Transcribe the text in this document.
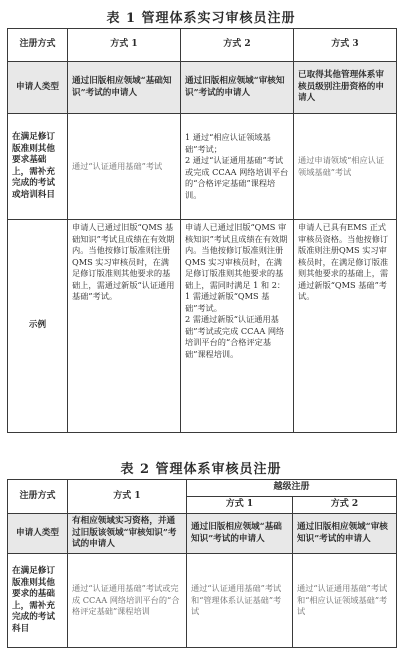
表 1 管理体系实习审核员注册
注册方式	方式 1	方式 2	方式 3
申请人类型	通过旧版相应领域“基础知识”考试的申请人	通过旧版相应领域“审核知识”考试的申请人	已取得其他管理体系审核员级别注册资格的申请人
在满足修订版准则其他要求基础上，需补充完成的考试或培训科目	通过“认证通用基础”考试	1 通过“相应认证领域基础”考试；
2 通过“认证通用基础”考试或完成 CCAA 网络培训平台的“合格评定基础”课程培训。	通过申请领域“相应认证领域基础”考试
示例	申请人已通过旧版“QMS 基础知识”考试且成绩在有效期内。当他按修订版准则注册 QMS 实习审核员时，在满足修订版准则其他要求的基础上，需通过新版“认证通用基础”考试。	申请人已通过旧版“QMS 审核知识”考试且成绩在有效期内。当他按修订版准则注册QMS 实习审核员时，在满足修订版准则其他要求的基础上，需同时满足 1 和 2：
1 需通过新版“QMS 基础”考试。
2 需通过新版“认证通用基础”考试或完成 CCAA 网络培训平台的“合格评定基础”课程培训。	申请人已具有EMS 正式审核员资格。当他按修订版准则注册QMS 实习审核员时，在满足修订版准则其他要求的基础上，需通过新版“QMS 基础”考试。
表 2 管理体系审核员注册
注册方式	方式 1	越级注册	
		方式 1	方式 2
申请人类型	有相应领域实习资格，并通过旧版该领域“审核知识”考试的申请人	通过旧版相应领域“基础知识”考试的申请人	通过旧版相应领域“审核知识”考试的申请人
在满足修订版准则其他要求的基础上，需补充完成的考试科目	通过“认证通用基础”考试或完成 CCAA 网络培训平台的“合格评定基础”课程培训	通过“认证通用基础”考试和“管理体系认证基础”考试	通过“认证通用基础”考试和“相应认证领域基础”考试
